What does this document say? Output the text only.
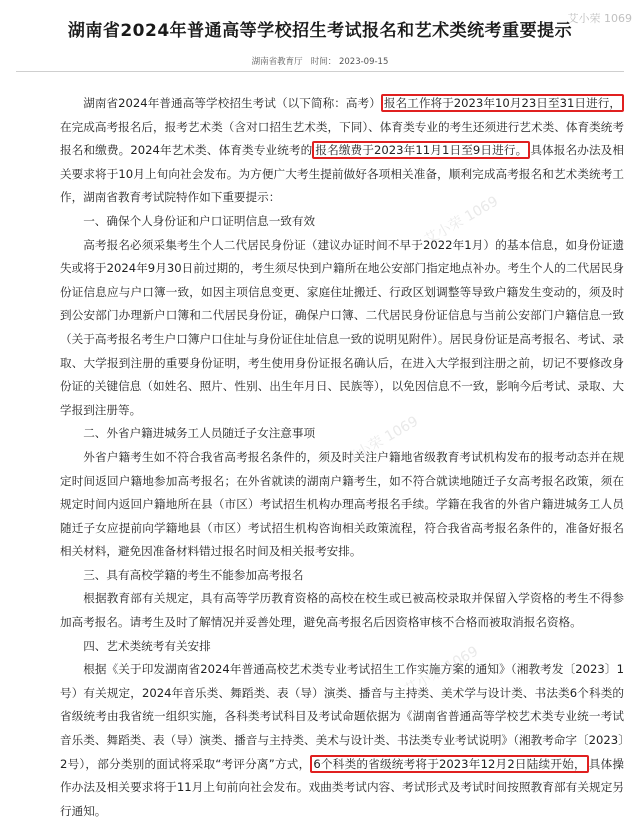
艾小荣 1069
湖南省2024年普通高等学校招生考试报名和艺术类统考重要提示
湖南省教育厅 时间： 2023-09-15

湖南省2024年普通高等学校招生考试（以下简称：高考） 报名工作将于2023年10月23日至31日进行，在完成高考报名后，报考艺术类（含对口招生艺术类，下同）、体育类专业的考生还须进行艺术类、体育类统考报名和缴费。2024年艺术类、体育类专业统考的 报名缴费于2023年11月1日至9日进行。 具体报名办法及相关要求将于10月上旬向社会发布。为方便广大考生提前做好各项相关准备，顺利完成高考报名和艺术类统考工作，湖南省教育考试院特作如下重要提示：

一、确保个人身份证和户口证明信息一致有效

高考报名必须采集考生个人二代居民身份证（建议办证时间不早于2022年1月）的基本信息，如身份证遗失或将于2024年9月30日前过期的，考生须尽快到户籍所在地公安部门指定地点补办。考生个人的二代居民身份证信息应与户口簿一致，如因主项信息变更、家庭住址搬迁、行政区划调整等导致户籍发生变动的，须及时到公安部门办理新户口簿和二代居民身份证，确保户口簿、二代居民身份证信息与当前公安部门户籍信息一致（关于高考报名考生户口簿户口住址与身份证住址信息一致的说明见附件）。居民身份证是高考报名、考试、录取、大学报到注册的重要身份证明，考生使用身份证报名确认后，在进入大学报到注册之前，切记不要修改身份证的关键信息（如姓名、照片、性别、出生年月日、民族等），以免因信息不一致，影响今后考试、录取、大学报到注册等。

二、外省户籍进城务工人员随迁子女注意事项

外省户籍考生如不符合我省高考报名条件的，须及时关注户籍地省级教育考试机构发布的报考动态并在规定时间返回户籍地参加高考报名；在外省就读的湖南户籍考生，如不符合就读地随迁子女高考报名政策，须在规定时间内返回户籍地所在县（市区）考试招生机构办理高考报名手续。学籍在我省的外省户籍进城务工人员随迁子女应提前向学籍地县（市区）考试招生机构咨询相关政策流程，符合我省高考报名条件的，准备好报名相关材料，避免因准备材料错过报名时间及相关报考安排。

三、具有高校学籍的考生不能参加高考报名

根据教育部有关规定，具有高等学历教育资格的高校在校生或已被高校录取并保留入学资格的考生不得参加高考报名。请考生及时了解情况并妥善处理，避免高考报名后因资格审核不合格而被取消报名资格。

四、艺术类统考有关安排

根据《关于印发湖南省2024年普通高校艺术类专业考试招生工作实施方案的通知》（湘教考发〔2023〕1号）有关规定，2024年音乐类、舞蹈类、表（导）演类、播音与主持类、美术学与设计类、书法类6个科类的省级统考由我省统一组织实施，各科类考试科目及考试命题依据为《湖南省普通高等学校艺术类专业统一考试音乐类、舞蹈类、表（导）演类、播音与主持类、美术与设计类、书法类专业考试说明》（湘教考命字〔2023〕2号），部分类别的面试将采取“考评分离”方式， 6个科类的省级统考将于2023年12月2日陆续开始， 具体操作办法及相关要求将于11月上旬前向社会发布。戏曲类考试内容、考试形式及考试时间按照教育部有关规定另行通知。

艾小荣 1069
艾小荣 1069
艾小荣 1069
